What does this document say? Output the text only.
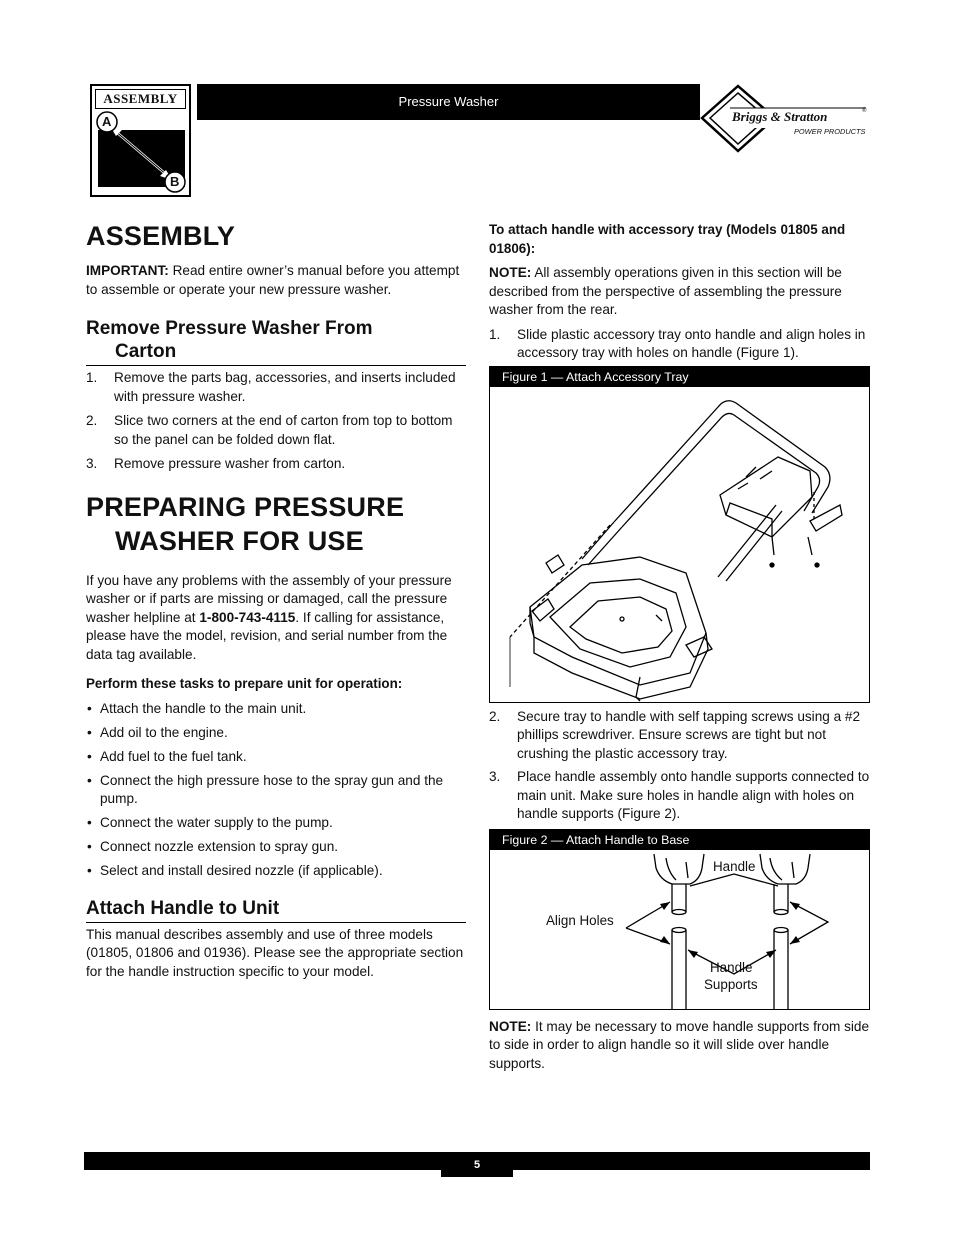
ASSEMBLY
A
B
Pressure Washer
Briggs & Stratton	®
POWER PRODUCTS
ASSEMBLY

IMPORTANT: Read entire owner’s manual before you attempt to assemble or operate your new pressure washer.

Remove Pressure Washer From
Carton
1. Remove the parts bag, accessories, and inserts included with pressure washer.
2. Slice two corners at the end of carton from top to bottom so the panel can be folded down flat.
3. Remove pressure washer from carton.
PREPARING PRESSURE
WASHER FOR USE

If you have any problems with the assembly of your pressure washer or if parts are missing or damaged, call the pressure washer helpline at 1-800-743-4115. If calling for assistance, please have the model, revision, and serial number from the data tag available.

Perform these tasks to prepare unit for operation:

• Attach the handle to the main unit.
• Add oil to the engine.
• Add fuel to the fuel tank.
• Connect the high pressure hose to the spray gun and the pump.
• Connect the water supply to the pump.
• Connect nozzle extension to spray gun.
• Select and install desired nozzle (if applicable).
Attach Handle to Unit

This manual describes assembly and use of three models (01805, 01806 and 01936). Please see the appropriate section for the handle instruction specific to your model.

To attach handle with accessory tray (Models 01805 and 01806):

NOTE: All assembly operations given in this section will be described from the perspective of assembling the pressure washer from the rear.

1. Slide plastic accessory tray onto handle and align holes in accessory tray with holes on handle (Figure 1).
Figure 1 — Attach Accessory Tray
2. Secure tray to handle with self tapping screws using a #2 phillips screwdriver. Ensure screws are tight but not crushing the plastic accessory tray.
3. Place handle assembly onto handle supports connected to main unit. Make sure holes in handle align with holes on handle supports (Figure 2).
Figure 2 — Attach Handle to Base
Handle
Align Holes
Handle
Supports

NOTE: It may be necessary to move handle supports from side to side in order to align handle so it will slide over handle supports.

5
